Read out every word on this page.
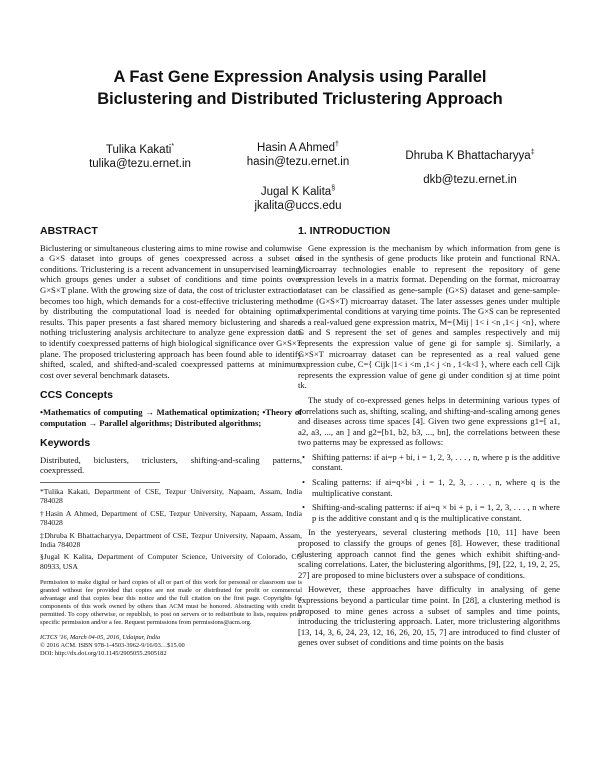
A Fast Gene Expression Analysis using Parallel
Biclustering and Distributed Triclustering Approach
Tulika Kakati*
tulika@tezu.ernet.in
Hasin A Ahmed†
hasin@tezu.ernet.in	Dhruba K Bhattacharyya‡
dkb@tezu.ernet.in
Jugal K Kalita§
jkalita@uccs.edu
ABSTRACT

Biclustering or simultaneous clustering aims to mine rowise and columwise a G×S dataset into groups of genes coexpressed across a subset of conditions. Triclustering is a recent advancement in unsupervised learning, which groups genes under a subset of conditions and time points over G×S×T plane. With the growing size of data, the cost of tricluster extraction becomes too high, which demands for a cost-effective triclustering method by distributing the computational load is needed for obtaining optimal results. This paper presents a fast shared memory biclustering and shared nothing triclustering analysis architecture to analyze gene expression data to identify coexpressed patterns of high biological significance over G×S×T plane. The proposed triclustering approach has been found able to identify shifted, scaled, and shifted-and-scaled coexpressed patterns at minimum cost over several benchmark datasets.

CCS Concepts

•Mathematics of computing → Mathematical optimization; •Theory of computation → Parallel algorithms; Distributed algorithms;

Keywords

Distributed, biclusters, triclusters, shifting-and-scaling patterns, coexpressed.

*Tulika Kakati, Department of CSE, Tezpur University, Napaam, Assam, India 784028

†Hasin A Ahmed, Department of CSE, Tezpur University, Napaam, Assam, India 784028

‡Dhruba K Bhattacharyya, Department of CSE, Tezpur University, Napaam, Assam, India 784028

§Jugal K Kalita, Department of Computer Science, University of Colorado, CO 80933, USA

Permission to make digital or hard copies of all or part of this work for personal or classroom use is granted without fee provided that copies are not made or distributed for profit or commercial advantage and that copies bear this notice and the full citation on the first page. Copyrights for components of this work owned by others than ACM must be honored. Abstracting with credit is permitted. To copy otherwise, or republish, to post on servers or to redistribute to lists, requires prior specific permission and/or a fee. Request permissions from permissions@acm.org.

ICTCS '16, March 04-05, 2016, Udaipur, India
© 2016 ACM. ISBN 978-1-4503-3962-9/16/03…$15.00
DOI: http://dx.doi.org/10.1145/2905055.2905182
1. INTRODUCTION

Gene expression is the mechanism by which information from gene is used in the synthesis of gene products like protein and functional RNA. Microarray technologies enable to represent the repository of gene expression levels in a matrix format. Depending on the format, microarray dataset can be classified as gene-sample (G×S) dataset and gene-sample-time (G×S×T) microarray dataset. The later assesses genes under multiple experimental conditions at varying time points. The G×S can be represented as a real-valued gene expression matrix, M={Mij | 1< i <n ,1< j <n}, where G and S represent the set of genes and samples respectively and mij represents the expression value of gene gi for sample sj. Similarly, a G×S×T microarray dataset can be represented as a real valued gene expression cube, C={ Cijk |1< i <m ,1< j <n , 1<k<l }, where each cell Cijk represents the expression value of gene gi under condition sj at time point tk.

The study of co-expressed genes helps in determining various types of correlations such as, shifting, scaling, and shifting-and-scaling among genes and diseases across time spaces [4]. Given two gene expressions g1=[ a1, a2, a3, ..., an ] and g2=[b1, b2, b3, ..., bn], the correlations between these two patterns may be expressed as follows:

• Shifting patterns: if ai=p + bi, i = 1, 2, 3, . . . , n, where p is the additive constant.
• Scaling patterns: if ai=q×bi , i = 1, 2, 3, . . . , n, where q is the multiplicative constant.
• Shifting-and-scaling patterns: if ai=q × bi + p, i = 1, 2, 3, . . . , n where p is the additive constant and q is the multiplicative constant.

In the yesteryears, several clustering methods [10, 11] have been proposed to classify the groups of genes [8]. However, these traditional clustering approach cannot find the genes which exhibit shifting-and-scaling correlations. Later, the biclustering algorithms, [9], [22, 1, 19, 2, 25, 27] are proposed to mine biclusters over a subspace of conditions.

However, these approaches have difficulty in analysing of gene expressions beyond a particular time point. In [28], a clustering method is proposed to mine genes across a subset of samples and time points, introducing the triclustering approach. Later, more triclustering algorithms [13, 14, 3, 6, 24, 23, 12, 16, 26, 20, 15, 7] are introduced to find cluster of genes over subset of conditions and time points on the basis
